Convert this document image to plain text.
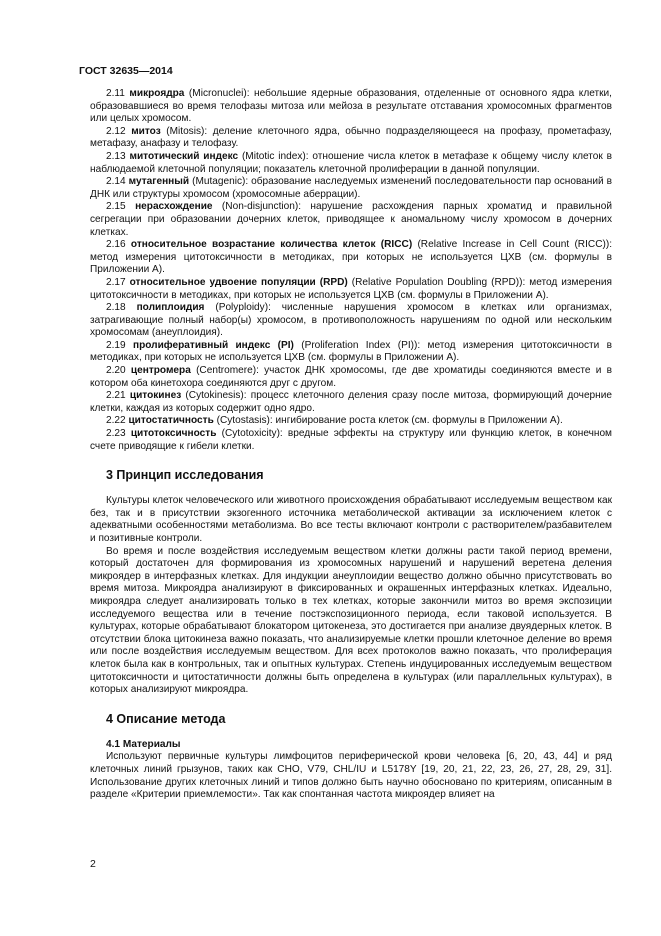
ГОСТ 32635—2014

2.11 микроядра (Micronuclei): небольшие ядерные образования, отделенные от основного ядра клетки, образовавшиеся во время телофазы митоза или мейоза в результате отставания хромосомных фрагментов или целых хромосом.

2.12 митоз (Mitosis): деление клеточного ядра, обычно подразделяющееся на профазу, прометафазу, метафазу, анафазу и телофазу.

2.13 митотический индекс (Mitotic index): отношение числа клеток в метафазе к общему числу клеток в наблюдаемой клеточной популяции; показатель клеточной пролиферации в данной популяции.

2.14 мутагенный (Mutagenic): образование наследуемых изменений последовательности пар оснований в ДНК или структуры хромосом (хромосомные аберрации).

2.15 нерасхождение (Non-disjunction): нарушение расхождения парных хроматид и правильной сегрегации при образовании дочерних клеток, приводящее к аномальному числу хромосом в дочерних клетках.

2.16 относительное возрастание количества клеток (RICC) (Relative Increase in Cell Count (RICC)): метод измерения цитотоксичности в методиках, при которых не используется ЦХВ (см. формулы в Приложении А).

2.17 относительное удвоение популяции (RPD) (Relative Population Doubling (RPD)): метод измерения цитотоксичности в методиках, при которых не используется ЦХВ (см. формулы в Приложении А).

2.18 полиплоидия (Polyploidy): численные нарушения хромосом в клетках или организмах, затрагивающие полный набор(ы) хромосом, в противоположность нарушениям по одной или нескольким хромосомам (анеуплоидия).

2.19 пролиферативный индекс (PI) (Proliferation Index (PI)): метод измерения цитотоксичности в методиках, при которых не используется ЦХВ (см. формулы в Приложении А).

2.20 центромера (Centromere): участок ДНК хромосомы, где две хроматиды соединяются вместе и в котором оба кинетохора соединяются друг с другом.

2.21 цитокинез (Cytokinesis): процесс клеточного деления сразу после митоза, формирующий дочерние клетки, каждая из которых содержит одно ядро.

2.22 цитостатичность (Cytostasis): ингибирование роста клеток (см. формулы в Приложении А).

2.23 цитотоксичность (Cytotoxicity): вредные эффекты на структуру или функцию клеток, в конечном счете приводящие к гибели клетки.

3 Принцип исследования

Культуры клеток человеческого или животного происхождения обрабатывают исследуемым веществом как без, так и в присутствии экзогенного источника метаболической активации за исключением клеток с адекватными особенностями метаболизма. Во все тесты включают контроли с растворителем/разбавителем и позитивные контроли.

Во время и после воздействия исследуемым веществом клетки должны расти такой период времени, который достаточен для формирования из хромосомных нарушений и нарушений веретена деления микроядер в интерфазных клетках. Для индукции анеуплоидии вещество должно обычно присутствовать во время митоза. Микроядра анализируют в фиксированных и окрашенных интерфазных клетках. Идеально, микроядра следует анализировать только в тех клетках, которые закончили митоз во время экспозиции исследуемого вещества или в течение постэкспозиционного периода, если таковой используется. В культурах, которые обрабатывают блокатором цитокенеза, это достигается при анализе двуядерных клеток. В отсутствии блока цитокинеза важно показать, что анализируемые клетки прошли клеточное деление во время или после воздействия исследуемым веществом. Для всех протоколов важно показать, что пролиферация клеток была как в контрольных, так и опытных культурах. Степень индуцированных исследуемым веществом цитотоксичности и цитостатичности должны быть определена в культурах (или параллельных культурах), в которых анализируют микроядра.

4 Описание метода
4.1 Материалы

Используют первичные культуры лимфоцитов периферической крови человека [6, 20, 43, 44] и ряд клеточных линий грызунов, таких как CHO, V79, CHL/IU и L5178Y [19, 20, 21, 22, 23, 26, 27, 28, 29, 31]. Использование других клеточных линий и типов должно быть научно обосновано по критериям, описанным в разделе «Критерии приемлемости». Так как спонтанная частота микроядер влияет на

2
